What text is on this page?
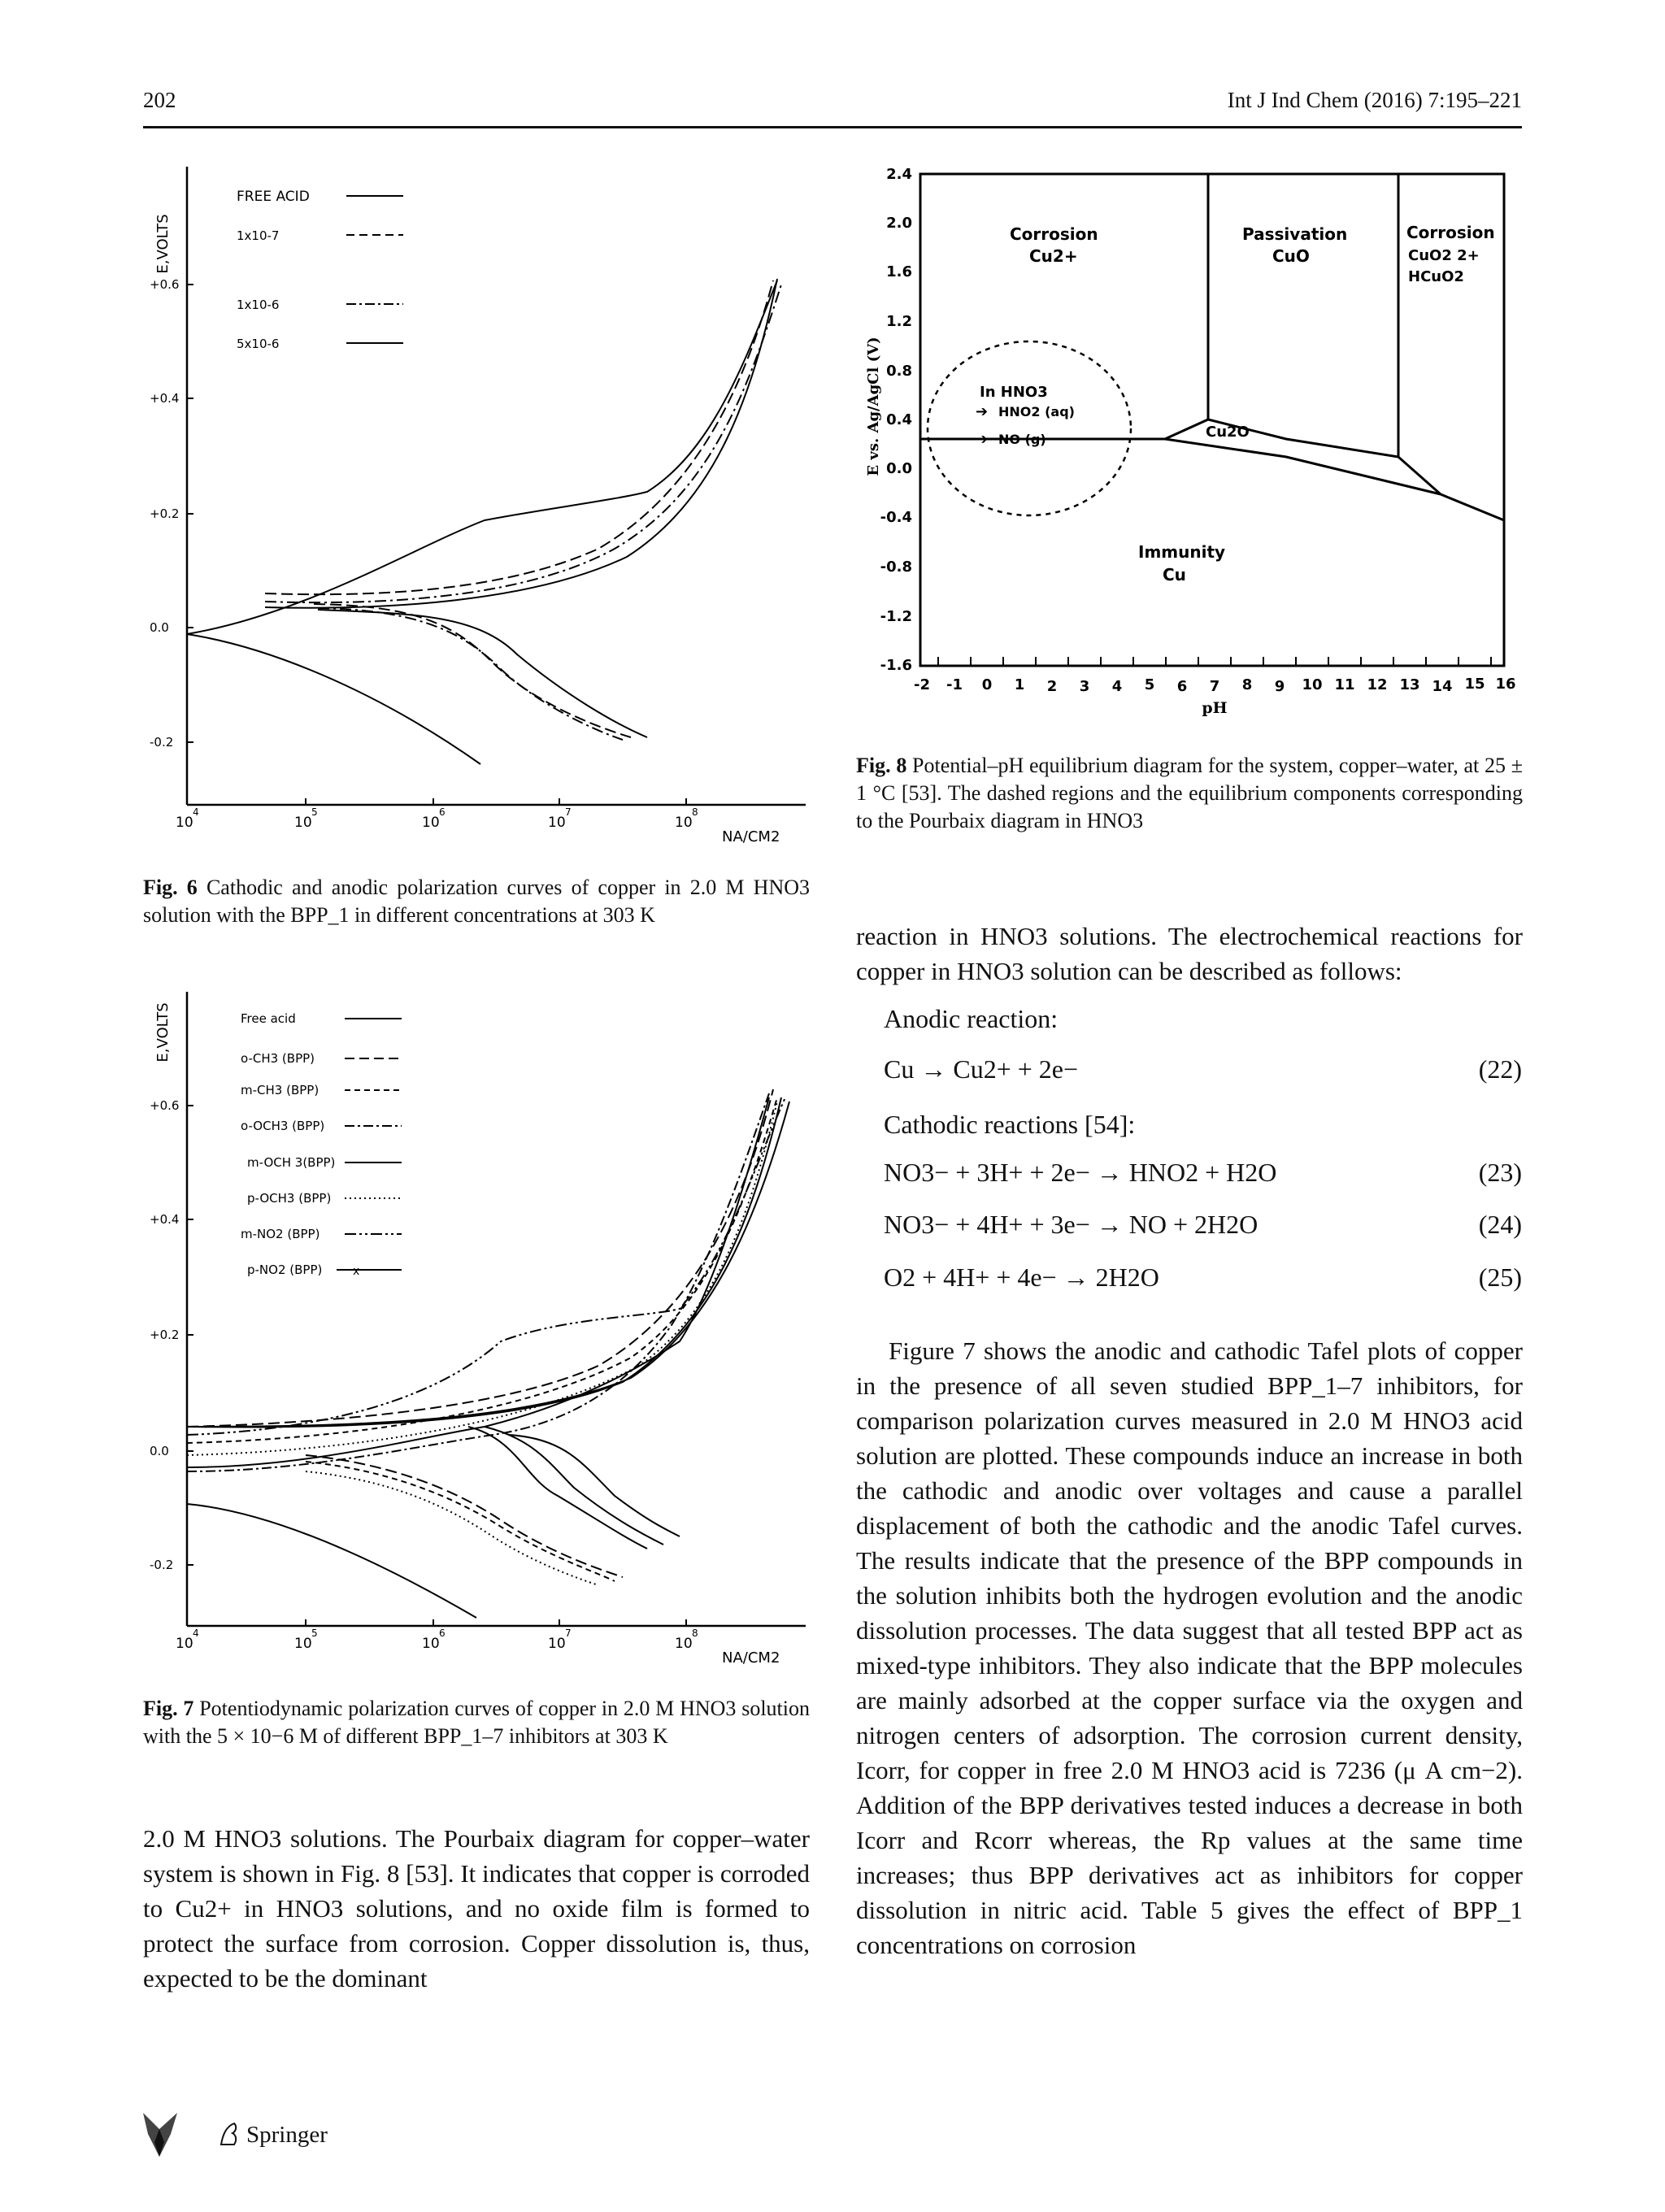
202	Int J Ind Chem (2016) 7:195–221
E,VOLTS
+0.6
+0.4
+0.2
0.0
-0.2
10
4
10
5
10
6
10
7
10
8
NA/CM2
FREE ACID
1x10-7
1x10-6
5x10-6
Fig. 6 Cathodic and anodic polarization curves of copper in 2.0 M HNO3 solution with the BPP_1 in different concentrations at 303 K
E,VOLTS
+0.6
+0.4
+0.2
0.0
-0.2
10
4
10
5
10
6
10
7
10
8
NA/CM2
Free acid
o-CH3 (BPP)
m-CH3 (BPP)
o-OCH3 (BPP)
m-OCH 3(BPP)
p-OCH3 (BPP)
m-NO2 (BPP)
p-NO2 (BPP)	x
Fig. 7 Potentiodynamic polarization curves of copper in 2.0 M HNO3 solution with the 5 × 10−6 M of different BPP_1–7 inhibitors at 303 K
2.0 M HNO3 solutions. The Pourbaix diagram for copper–water system is shown in Fig. 8 [53]. It indicates that copper is corroded to Cu2+ in HNO3 solutions, and no oxide film is formed to protect the surface from corrosion. Copper dissolution is, thus, expected to be the dominant
E vs. Ag/AgCl (V)
2.4
2.0
1.6
1.2
0.8
0.4
0.0
-0.4
-0.8
-1.2
-1.6
-2 -1 0 1 2 3 4 5 6 7 8 9 10 11 12 13 14 15 16
pH
Corrosion
Cu2+
Passivation
CuO
Corrosion
CuO2 2+
HCuO2
Immunity
Cu
Cu2O
In HNO3
➔ HNO2 (aq)
➔ NO (g)
Fig. 8 Potential–pH equilibrium diagram for the system, copper–water, at 25 ± 1 °C [53]. The dashed regions and the equilibrium components corresponding to the Pourbaix diagram in HNO3
reaction in HNO3 solutions. The electrochemical reactions for copper in HNO3 solution can be described as follows:
Anodic reaction:
Cu → Cu2+ + 2e−	(22)
Cathodic reactions [54]:
NO3− + 3H+ + 2e− → HNO2 + H2O	(23)
NO3− + 4H+ + 3e− → NO + 2H2O	(24)
O2 + 4H+ + 4e− → 2H2O	(25)
Figure 7 shows the anodic and cathodic Tafel plots of copper in the presence of all seven studied BPP_1–7 inhibitors, for comparison polarization curves measured in 2.0 M HNO3 acid solution are plotted. These compounds induce an increase in both the cathodic and anodic over voltages and cause a parallel displacement of both the cathodic and the anodic Tafel curves. The results indicate that the presence of the BPP compounds in the solution inhibits both the hydrogen evolution and the anodic dissolution processes. The data suggest that all tested BPP act as mixed-type inhibitors. They also indicate that the BPP molecules are mainly adsorbed at the copper surface via the oxygen and nitrogen centers of adsorption. The corrosion current density, Icorr, for copper in free 2.0 M HNO3 acid is 7236 (μ A cm−2). Addition of the BPP derivatives tested induces a decrease in both Icorr and Rcorr whereas, the Rp values at the same time increases; thus BPP derivatives act as inhibitors for copper dissolution in nitric acid. Table 5 gives the effect of BPP_1 concentrations on corrosion
Springer
